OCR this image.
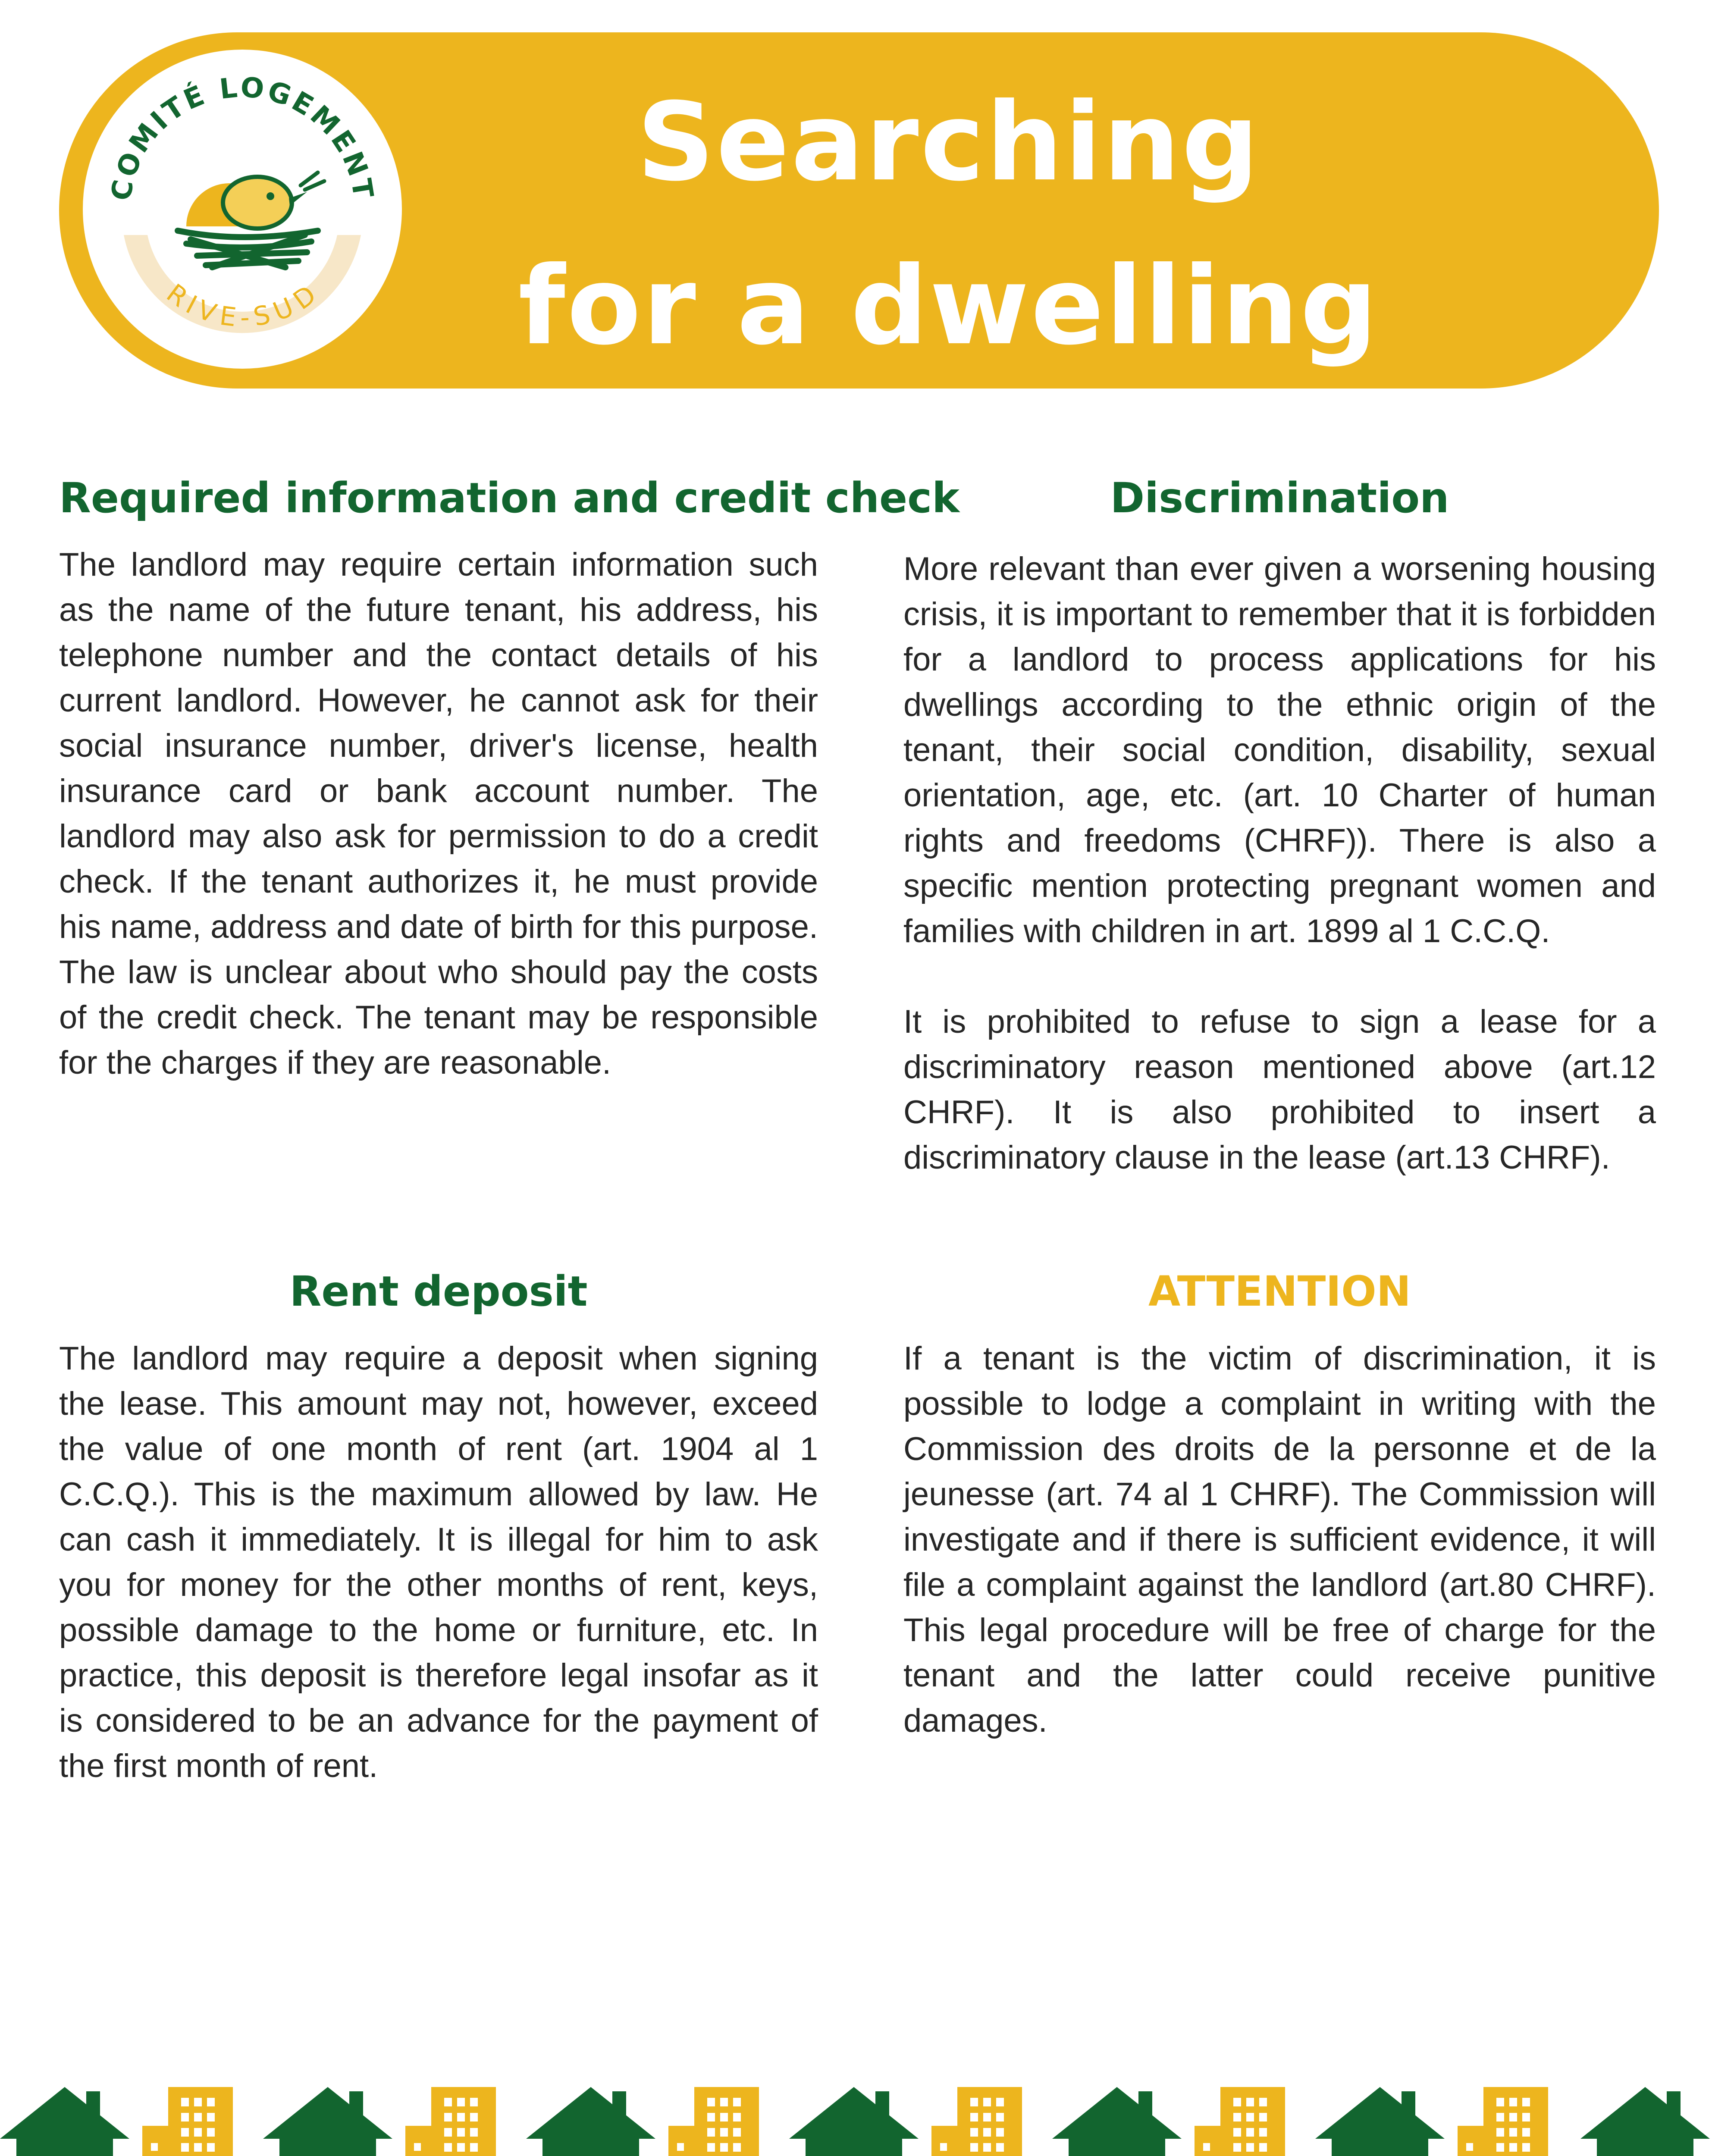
COMITÉ LOGEMENT
RIVE-SUD
Searching
for a dwelling
Required information and credit check

The landlord may require certain information such as the name of the future tenant, his address, his telephone number and the contact details of his current landlord. However, he cannot ask for their social insurance number, driver's license, health insurance card or bank account number. The landlord may also ask for permission to do a credit check. If the tenant authorizes it, he must provide his name, address and date of birth for this purpose. The law is unclear about who should pay the costs of the credit check. The tenant may be responsible for the charges if they are reasonable.

Discrimination

More relevant than ever given a worsening housing crisis, it is important to remember that it is forbidden for a landlord to process applications for his dwellings according to the ethnic origin of the tenant, their social condition, disability, sexual orientation, age, etc. (art. 10 Charter of human rights and freedoms (CHRF)). There is also a specific mention protecting pregnant women and families with children in art. 1899 al 1 C.C.Q.

It is prohibited to refuse to sign a lease for a discriminatory reason mentioned above (art.12 CHRF). It is also prohibited to insert a discriminatory clause in the lease (art.13 CHRF).

Rent deposit

The landlord may require a deposit when signing the lease. This amount may not, however, exceed the value of one month of rent (art. 1904 al 1 C.C.Q.). This is the maximum allowed by law. He can cash it immediately. It is illegal for him to ask you for money for the other months of rent, keys, possible damage to the home or furniture, etc. In practice, this deposit is therefore legal insofar as it is considered to be an advance for the payment of the first month of rent.

ATTENTION

If a tenant is the victim of discrimination, it is possible to lodge a complaint in writing with the Commission des droits de la personne et de la jeunesse (art. 74 al 1 CHRF). The Commission will investigate and if there is sufficient evidence, it will file a complaint against the landlord (art.80 CHRF). This legal procedure will be free of charge for the tenant and the latter could receive punitive damages.
